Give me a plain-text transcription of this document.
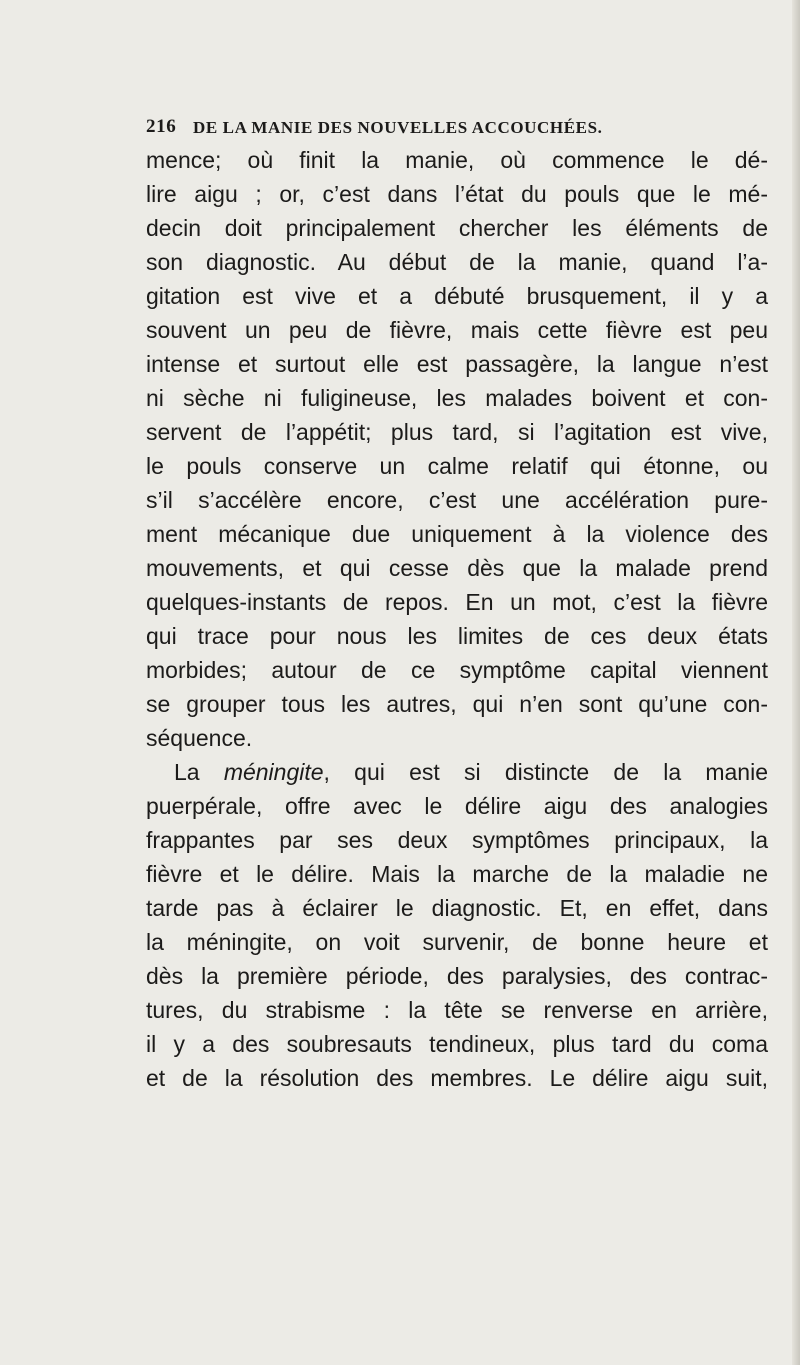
216 DE LA MANIE DES NOUVELLES ACCOUCHÉES.
mence; où finit la manie, où commence le dé-
lire aigu ; or, c’est dans l’état du pouls que le mé-
decin doit principalement chercher les éléments de
son diagnostic. Au début de la manie, quand l’a-
gitation est vive et a débuté brusquement, il y a
souvent un peu de fièvre, mais cette fièvre est peu
intense et surtout elle est passagère, la langue n’est
ni sèche ni fuligineuse, les malades boivent et con-
servent de l’appétit; plus tard, si l’agitation est vive,
le pouls conserve un calme relatif qui étonne, ou
s’il s’accélère encore, c’est une accélération pure-
ment mécanique due uniquement à la violence des
mouvements, et qui cesse dès que la malade prend
quelques-instants de repos. En un mot, c’est la fièvre
qui trace pour nous les limites de ces deux états
morbides; autour de ce symptôme capital viennent
se grouper tous les autres, qui n’en sont qu’une con-
séquence.
La méningite, qui est si distincte de la manie
puerpérale, offre avec le délire aigu des analogies
frappantes par ses deux symptômes principaux, la
fièvre et le délire. Mais la marche de la maladie ne
tarde pas à éclairer le diagnostic. Et, en effet, dans
la méningite, on voit survenir, de bonne heure et
dès la première période, des paralysies, des contrac-
tures, du strabisme : la tête se renverse en arrière,
il y a des soubresauts tendineux, plus tard du coma
et de la résolution des membres. Le délire aigu suit,
